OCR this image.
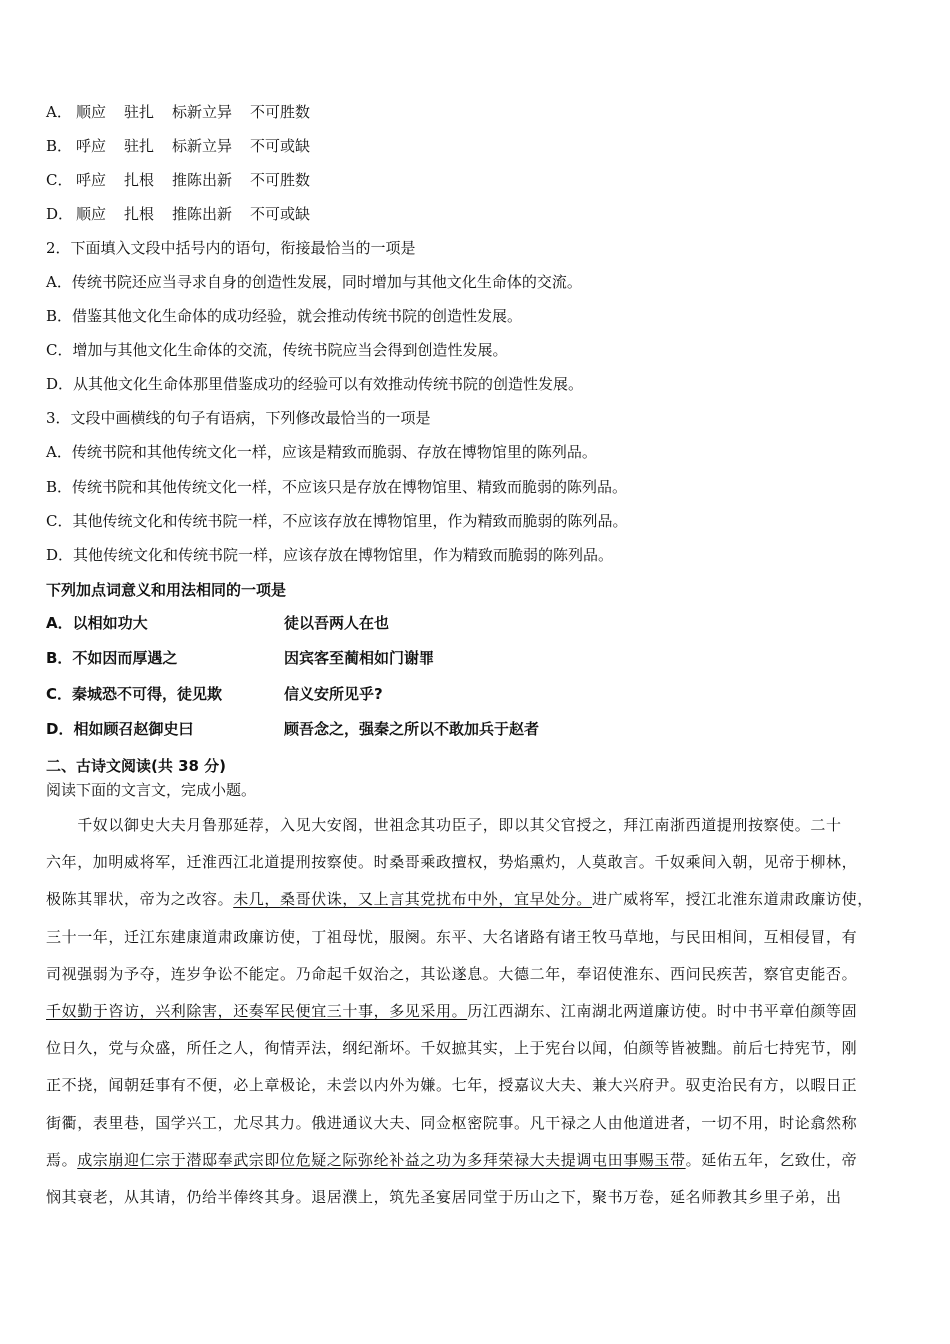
A． 顺应 驻扎 标新立异 不可胜数
B． 呼应 驻扎 标新立异 不可或缺
C． 呼应 扎根 推陈出新 不可胜数
D． 顺应 扎根 推陈出新 不可或缺
2．下面填入文段中括号内的语句，衔接最恰当的一项是
A．传统书院还应当寻求自身的创造性发展，同时增加与其他文化生命体的交流。
B．借鉴其他文化生命体的成功经验，就会推动传统书院的创造性发展。
C．增加与其他文化生命体的交流，传统书院应当会得到创造性发展。
D．从其他文化生命体那里借鉴成功的经验可以有效推动传统书院的创造性发展。
3．文段中画横线的句子有语病，下列修改最恰当的一项是
A．传统书院和其他传统文化一样，应该是精致而脆弱、存放在博物馆里的陈列品。
B．传统书院和其他传统文化一样，不应该只是存放在博物馆里、精致而脆弱的陈列品。
C．其他传统文化和传统书院一样，不应该存放在博物馆里，作为精致而脆弱的陈列品。
D．其他传统文化和传统书院一样，应该存放在博物馆里，作为精致而脆弱的陈列品。
下列加点词意义和用法相同的一项是
A．以相如功大	徒以吾两人在也
B．不如因而厚遇之	因宾客至蔺相如门谢罪
C．秦城恐不可得，徒见欺	信义安所见乎?
D．相如顾召赵御史曰	顾吾念之，强秦之所以不敢加兵于赵者
二、古诗文阅读(共 38 分)
阅读下面的文言文，完成小题。
　　千奴以御史大夫月鲁那延荐，入见大安阁，世祖念其功臣子，即以其父官授之，拜江南浙西道提刑按察使。二十
六年，加明威将军，迁淮西江北道提刑按察使。时桑哥乘政擅权，势焰熏灼，人莫敢言。千奴乘间入朝，见帝于柳林，
极陈其罪状，帝为之改容。未几，桑哥伏诛，又上言其党扰布中外，宜早处分。进广威将军，授江北淮东道肃政廉访使，
三十一年，迁江东建康道肃政廉访使，丁祖母忧，服阕。东平、大名诸路有诸王牧马草地，与民田相间，互相侵冒，有
司视强弱为予夺，连岁争讼不能定。乃命起千奴治之，其讼遂息。大德二年，奉诏使淮东、西问民疾苦，察官吏能否。
千奴勤于咨访，兴利除害，还奏军民便宜三十事，多见采用。历江西湖东、江南湖北两道廉访使。时中书平章伯颜等固
位日久，党与众盛，所任之人，徇情弄法，纲纪渐坏。千奴摭其实，上于宪台以闻，伯颜等皆被黜。前后七持宪节，刚
正不挠，闻朝廷事有不便，必上章极论，未尝以内外为嫌。七年，授嘉议大夫、兼大兴府尹。驭吏治民有方，以暇日正
街衢，表里巷，国学兴工，尤尽其力。俄进通议大夫、同佥枢密院事。凡干禄之人由他道进者，一切不用，时论翕然称
焉。成宗崩迎仁宗于潜邸奉武宗即位危疑之际弥纶补益之功为多拜荣禄大夫提调屯田事赐玉带。延佑五年，乞致仕，帝
悯其衰老，从其请，仍给半俸终其身。退居濮上，筑先圣宴居同堂于历山之下，聚书万卷，延名师教其乡里子弟，出
